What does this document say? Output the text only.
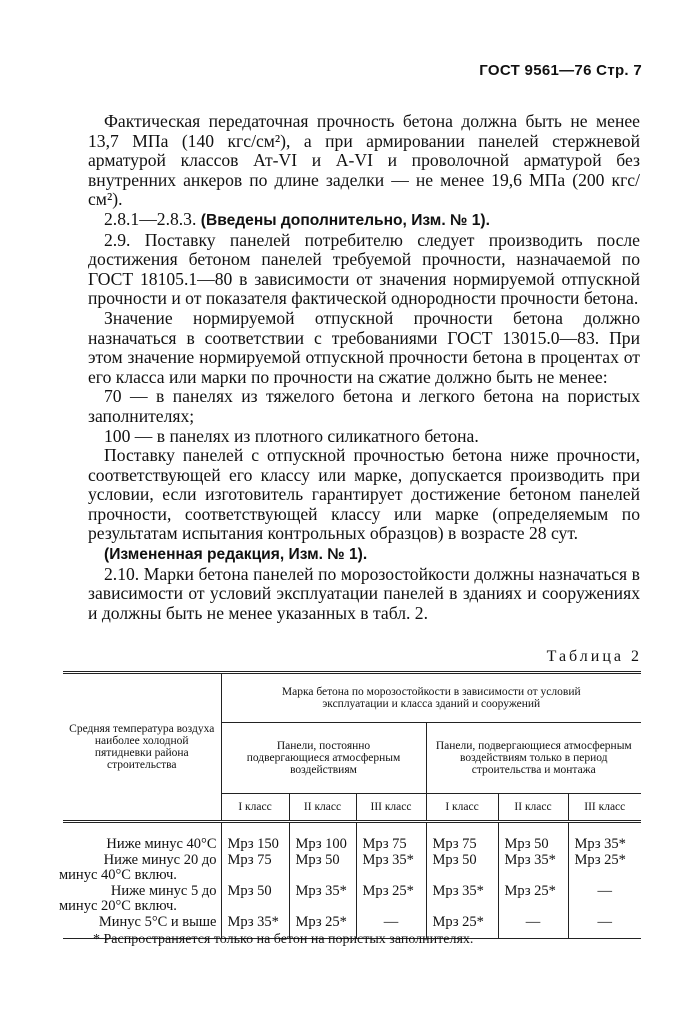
ГОСТ 9561—76 Стр. 7

Фактическая передаточная прочность бетона должна быть не менее 13,7 МПа (140 кгс/см²), а при армировании панелей стержневой арматурой классов Ат-VI и А-VI и проволочной арматурой без внутренних анкеров по длине заделки — не менее 19,6 МПа (200 кгс/см²).

2.8.1—2.8.3. (Введены дополнительно, Изм. № 1).

2.9. Поставку панелей потребителю следует производить после достижения бетоном панелей требуемой прочности, назначаемой по ГОСТ 18105.1—80 в зависимости от значения нормируемой отпускной прочности и от показателя фактической однородности прочности бетона.

Значение нормируемой отпускной прочности бетона должно назначаться в соответствии с требованиями ГОСТ 13015.0—83. При этом значение нормируемой отпускной прочности бетона в процентах от его класса или марки по прочности на сжатие должно быть не менее:

70 — в панелях из тяжелого бетона и легкого бетона на пористых заполнителях;

100 — в панелях из плотного силикатного бетона.

Поставку панелей с отпускной прочностью бетона ниже прочности, соответствующей его классу или марке, допускается производить при условии, если изготовитель гарантирует достижение бетоном панелей прочности, соответствующей классу или марке (определяемым по результатам испытания контрольных образцов) в возрасте 28 сут.

(Измененная редакция, Изм. № 1).

2.10. Марки бетона панелей по морозостойкости должны назначаться в зависимости от условий эксплуатации панелей в зданиях и сооружениях и должны быть не менее указанных в табл. 2.

Таблица 2
Средняя температура воздуха наиболее холодной пятидневки района строительства	Марка бетона по морозостойкости в зависимости от условий эксплуатации и класса зданий и сооружений					
	Панели, постоянно подвергающиеся атмосферным воздействиям			Панели, подвергающиеся атмосферным воздействиям только в период строительства и монтажа		
	I класс	II класс	III класс	I класс	II класс	III класс
Ниже минус 40°С	Мрз 150	Мрз 100	Мрз 75	Мрз 75	Мрз 50	Мрз 35*

Ниже минус 20 до
минус 40°С включ.	Мрз 75	Мрз 50	Мрз 35*	Мрз 50	Мрз 35*	Мрз 25*

Ниже минус 5 до
минус 20°С включ.	Мрз 50	Мрз 35*	Мрз 25*	Мрз 35*	Мрз 25*	—
Минус 5°С и выше	Мрз 35*	Мрз 25*	—	Мрз 25*	—	—
* Распространяется только на бетон на пористых заполнителях.
